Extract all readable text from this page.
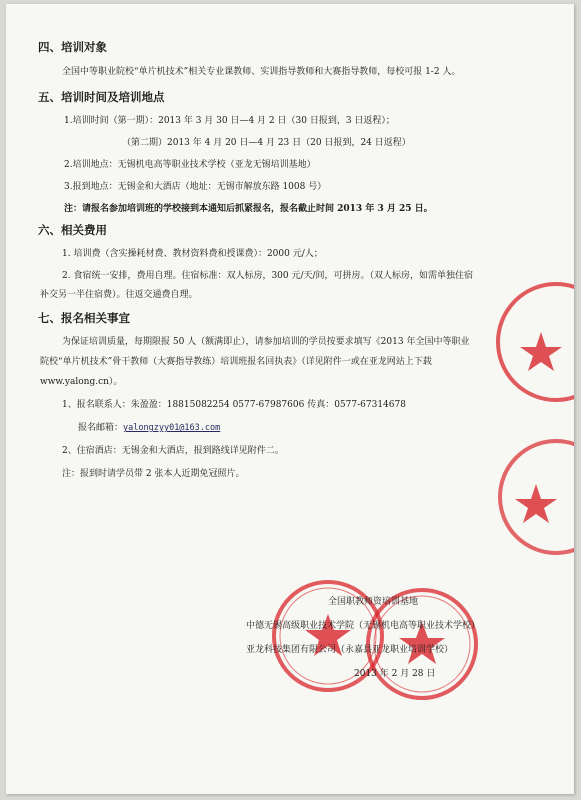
四、培训对象
全国中等职业院校“单片机技术”相关专业课教师、实训指导教师和大赛指导教师，每校可报 1-2 人。
五、培训时间及培训地点
1.培训时间（第一期）：2013 年 3 月 30 日—4 月 2 日（30 日报到，3 日返程）；
（第二期）2013 年 4 月 20 日—4 月 23 日（20 日报到，24 日返程）
2.培训地点：无锡机电高等职业技术学校（亚龙无锡培训基地）
3.报到地点：无锡金和大酒店（地址：无锡市解放东路 1008 号）
注：请报名参加培训班的学校接到本通知后抓紧报名，报名截止时间 2013 年 3 月 25 日。
六、相关费用
1. 培训费（含实操耗材费、教材资料费和授课费）：2000 元/人；
2. 食宿统一安排，费用自理。住宿标准：双人标房，300 元/天/间，可拼房。（双人标房，如需单独住宿
补交另一半住宿费）。往返交通费自理。
七、报名相关事宜
为保证培训质量，每期限报 50 人（额满即止），请参加培训的学员按要求填写《2013 年全国中等职业
院校“单片机技术”骨干教师（大赛指导教练）培训班报名回执表》（详见附件一或在亚龙网站上下载
www.yalong.cn）。
1、报名联系人：朱盈盈：18815082254 0577-67987606 传真：0577-67314678
报名邮箱：yalongzyy01@163.com
2、住宿酒店：无锡金和大酒店，报到路线详见附件二。
注：报到时请学员带 2 张本人近期免冠照片。
全国职教师资培训基地
中德无锡高级职业技术学院（无锡机电高等职业技术学校）
亚龙科技集团有限公司（永嘉县亚龙职业培训学校）
2013 年 2 月 28 日
